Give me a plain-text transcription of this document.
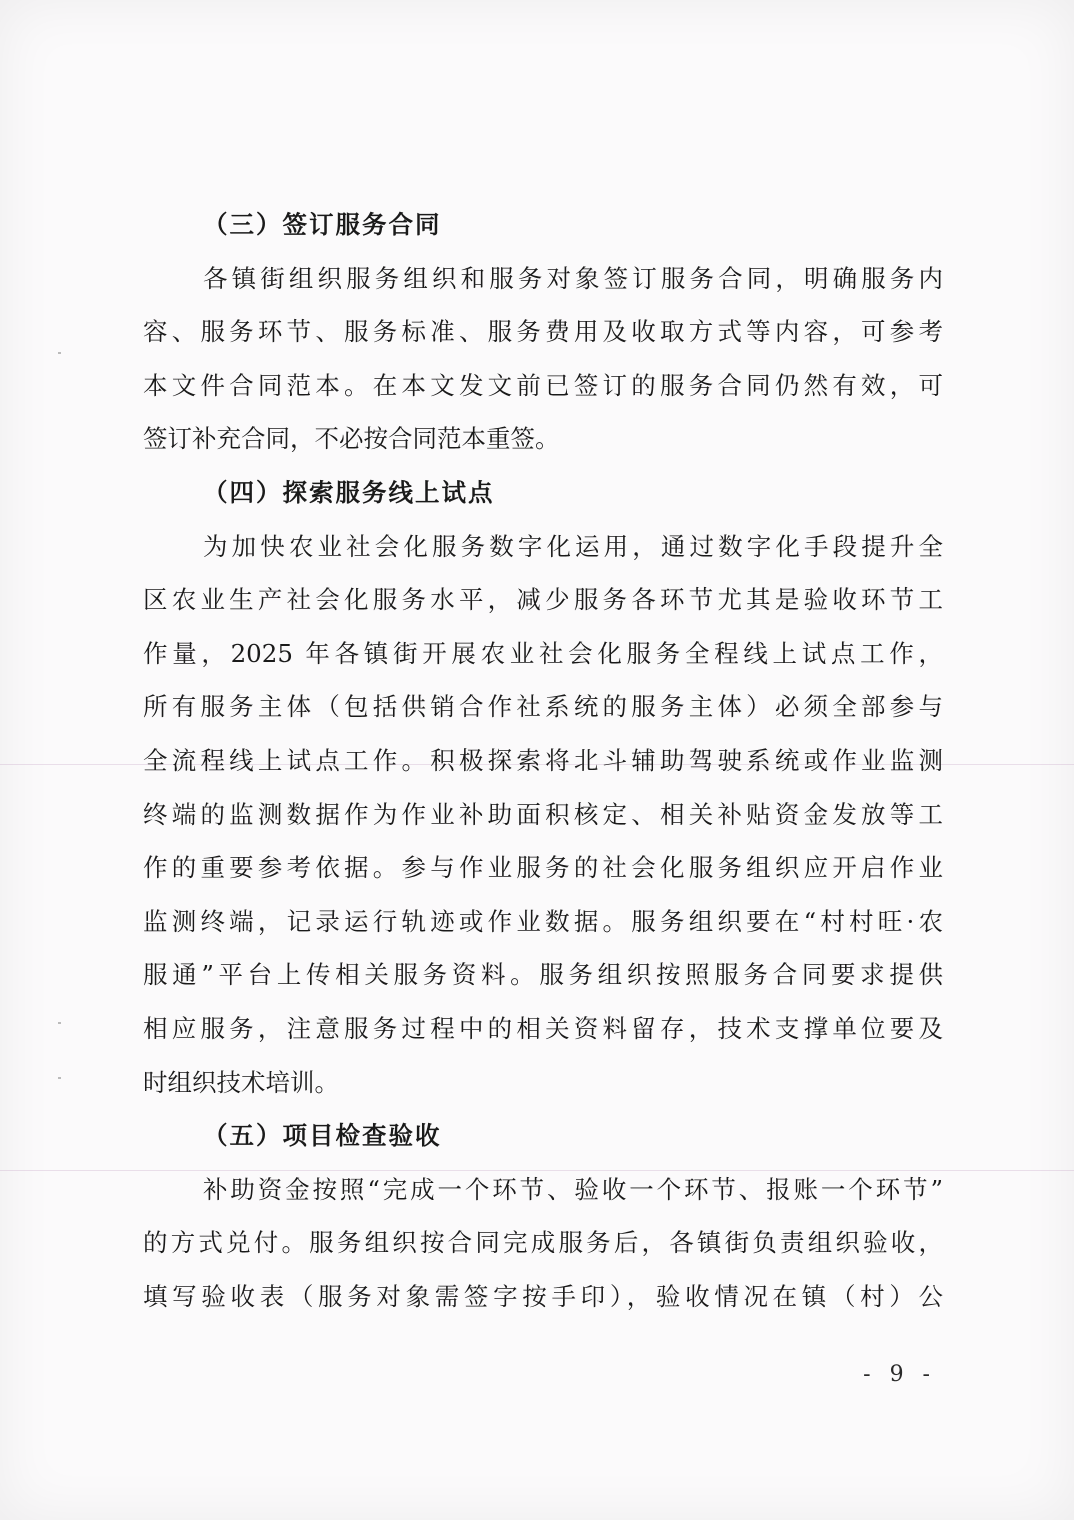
（三）签订服务合同
各镇街组织服务组织和服务对象签订服务合同，明确服务内
容、服务环节、服务标准、服务费用及收取方式等内容，可参考
本文件合同范本。在本文发文前已签订的服务合同仍然有效，可
签订补充合同，不必按合同范本重签。
（四）探索服务线上试点
为加快农业社会化服务数字化运用，通过数字化手段提升全
区农业生产社会化服务水平，减少服务各环节尤其是验收环节工
作量，2025 年各镇街开展农业社会化服务全程线上试点工作，
所有服务主体（包括供销合作社系统的服务主体）必须全部参与
全流程线上试点工作。积极探索将北斗辅助驾驶系统或作业监测
终端的监测数据作为作业补助面积核定、相关补贴资金发放等工
作的重要参考依据。参与作业服务的社会化服务组织应开启作业
监测终端，记录运行轨迹或作业数据。服务组织要在“村村旺·农
服通”平台上传相关服务资料。服务组织按照服务合同要求提供
相应服务，注意服务过程中的相关资料留存，技术支撑单位要及
时组织技术培训。
（五）项目检查验收
补助资金按照“完成一个环节、验收一个环节、报账一个环节”
的方式兑付。服务组织按合同完成服务后，各镇街负责组织验收，
填写验收表（服务对象需签字按手印），验收情况在镇（村）公
- 9 -
